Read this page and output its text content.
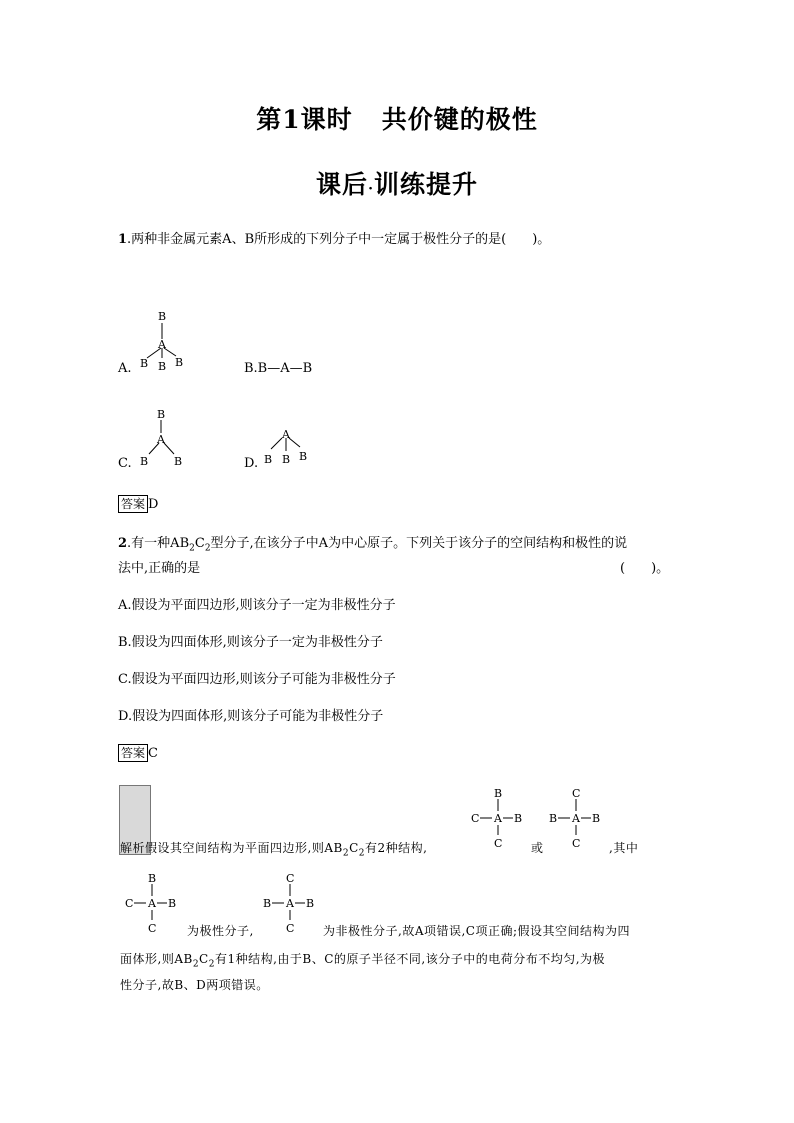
第1课时 共价键的极性
课后·训练提升
1.两种非金属元素A、B所形成的下列分子中一定属于极性分子的是(　　)。
A.
B
A
B B B	B.B—A—B
C.
B
A
B B	D.
A
B B B
答案 D
2.有一种$AB_2C_2$型分子,在该分子中A为中心原子。下列关于该分子的空间结构和极性的说
法中,正确的是	(　　)。
A.假设为平面四边形,则该分子一定为非极性分子
B.假设为四面体形,则该分子一定为非极性分子
C.假设为平面四边形,则该分子可能为非极性分子
D.假设为四面体形,则该分子可能为非极性分子
答案 C
解析假设其空间结构为平面四边形,则$AB_2C_2$有2种结构,
B
C A B
C 或
C
B A B
C ,其中
B
C A B
C	为极性分子,
C
B A B
C 为非极性分子,故A项错误,C项正确;假设其空间结构为四
面体形,则$AB_2C_2$有1种结构,由于B、C的原子半径不同,该分子中的电荷分布不均匀,为极
性分子,故B、D两项错误。
